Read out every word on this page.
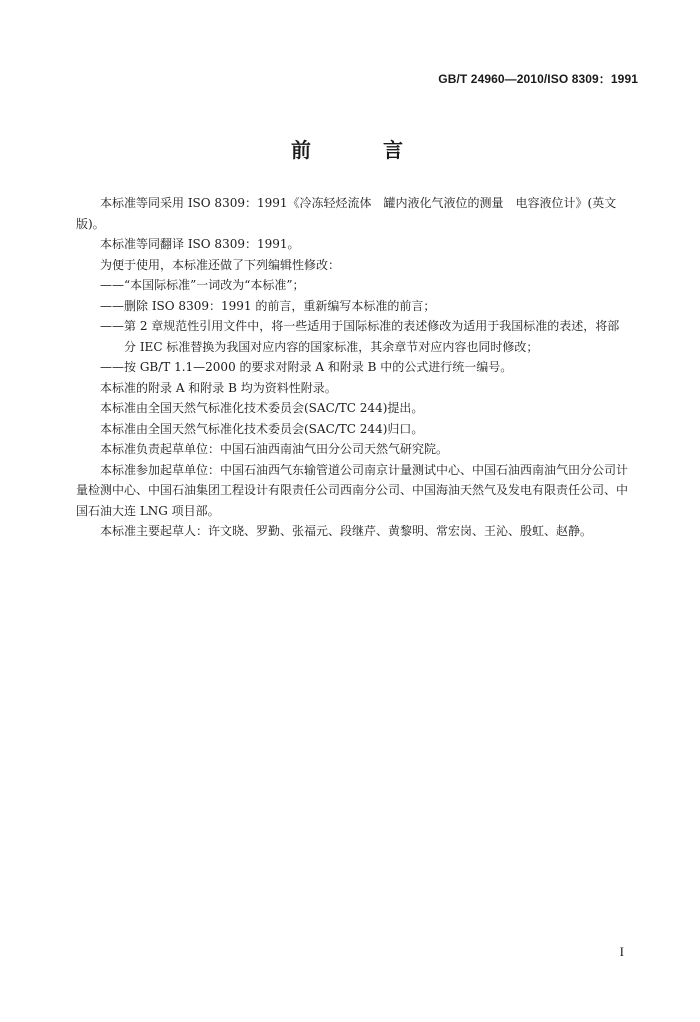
GB/T 24960—2010/ISO 8309：1991
前　言

本标准等同采用 ISO 8309：1991《冷冻轻烃流体　罐内液化气液位的测量　电容液位计》(英文版)。

本标准等同翻译 ISO 8309：1991。

为便于使用，本标准还做了下列编辑性修改：

——“本国际标准”一词改为“本标准”；

——删除 ISO 8309：1991 的前言，重新编写本标准的前言；

——第 2 章规范性引用文件中，将一些适用于国际标准的表述修改为适用于我国标准的表述，将部
分 IEC 标准替换为我国对应内容的国家标准，其余章节对应内容也同时修改；

——按 GB/T 1.1—2000 的要求对附录 A 和附录 B 中的公式进行统一编号。

本标准的附录 A 和附录 B 均为资料性附录。

本标准由全国天然气标准化技术委员会(SAC/TC 244)提出。

本标准由全国天然气标准化技术委员会(SAC/TC 244)归口。

本标准负责起草单位：中国石油西南油气田分公司天然气研究院。

本标准参加起草单位：中国石油西气东输管道公司南京计量测试中心、中国石油西南油气田分公司计量检测中心、中国石油集团工程设计有限责任公司西南分公司、中国海油天然气及发电有限责任公司、中国石油大连 LNG 项目部。

本标准主要起草人：许文晓、罗勤、张福元、段继芹、黄黎明、常宏岗、王沁、殷虹、赵静。

I
